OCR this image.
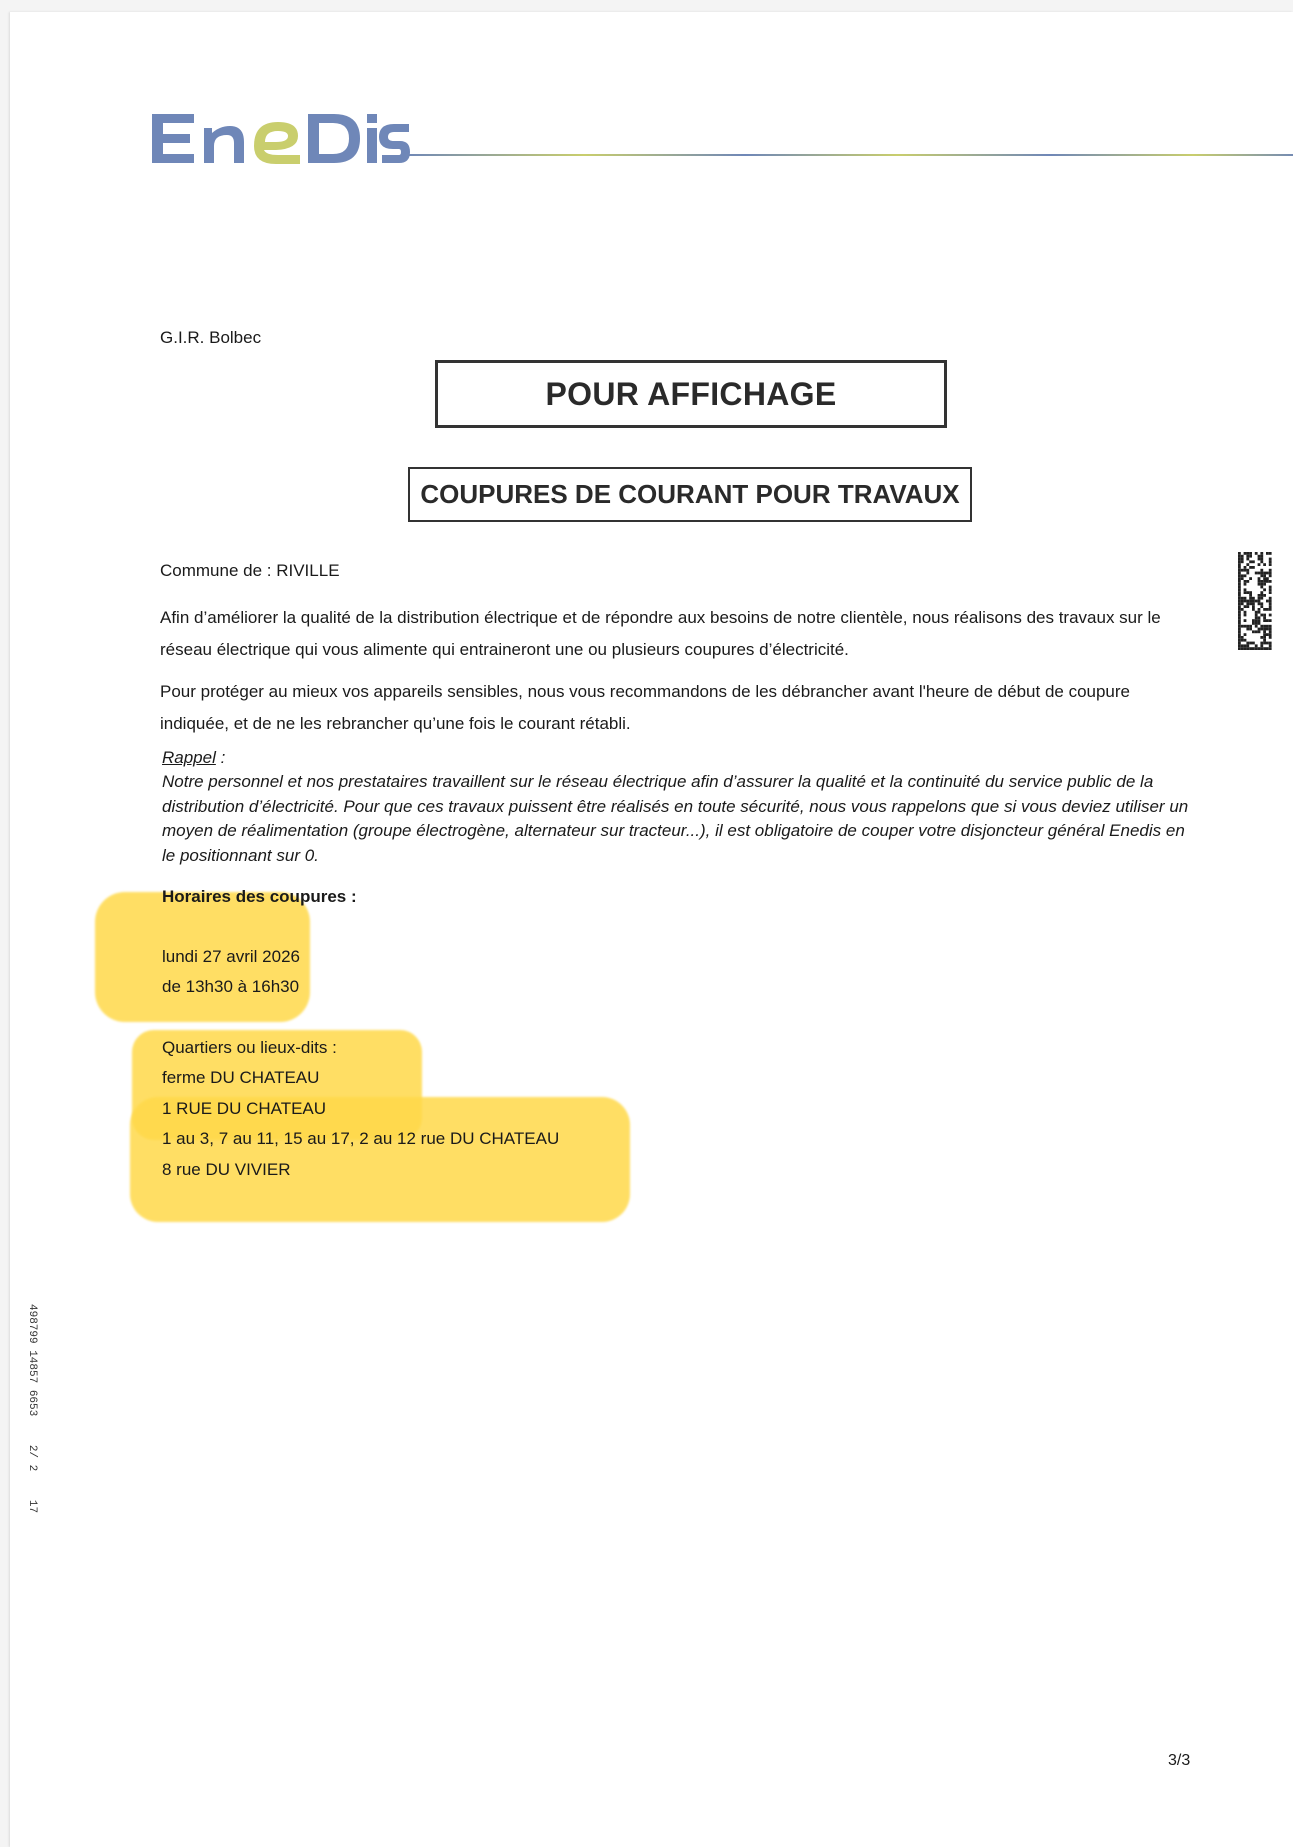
G.I.R. Bolbec
POUR AFFICHAGE
COUPURES DE COURANT POUR TRAVAUX
Commune de : RIVILLE
Afin d’améliorer la qualité de la distribution électrique et de répondre aux besoins de notre clientèle, nous réalisons des travaux sur le réseau électrique qui vous alimente qui entraineront une ou plusieurs coupures d’électricité.
Pour protéger au mieux vos appareils sensibles, nous vous recommandons de les débrancher avant l'heure de début de coupure indiquée, et de ne les rebrancher qu’une fois le courant rétabli.
Rappel :
Notre personnel et nos prestataires travaillent sur le réseau électrique afin d’assurer la qualité et la continuité du service public de la distribution d’électricité. Pour que ces travaux puissent être réalisés en toute sécurité, nous vous rappelons que si vous deviez utiliser un moyen de réalimentation (groupe électrogène, alternateur sur tracteur...), il est obligatoire de couper votre disjoncteur général Enedis en le positionnant sur 0.
Horaires des coupures :
lundi 27 avril 2026
de 13h30 à 16h30
Quartiers ou lieux-dits :
ferme DU CHATEAU
1 RUE DU CHATEAU
1 au 3, 7 au 11, 15 au 17, 2 au 12 rue DU CHATEAU
8 rue DU VIVIER
498799 14857 6653 2/ 2 17
3/3
